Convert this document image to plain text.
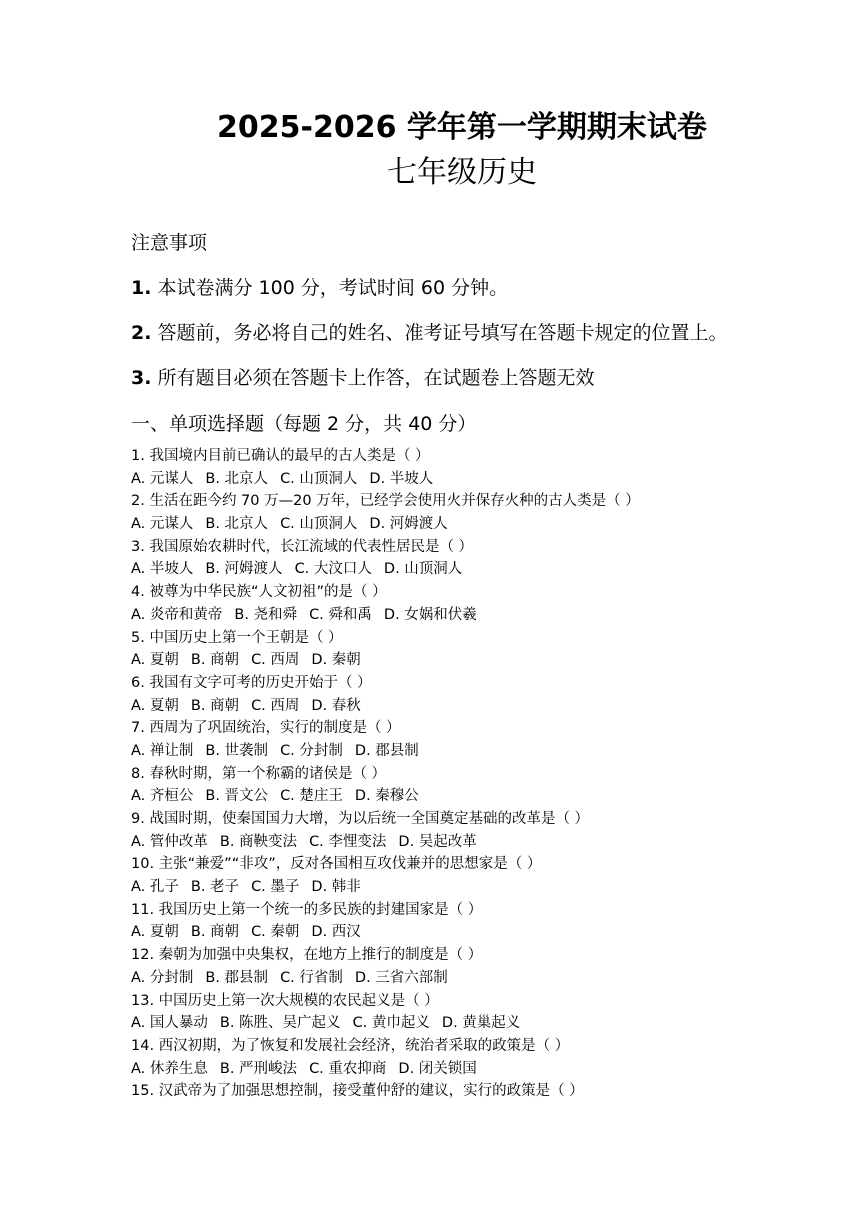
2025-2026 学年第一学期期末试卷
七年级历史
注意事项
1. 本试卷满分 100 分，考试时间 60 分钟。
2. 答题前，务必将自己的姓名、准考证号填写在答题卡规定的位置上。
3. 所有题目必须在答题卡上作答，在试题卷上答题无效
一、单项选择题（每题 2 分，共 40 分）
1. 我国境内目前已确认的最早的古人类是（ ）
A. 元谋人 B. 北京人 C. 山顶洞人 D. 半坡人
2. 生活在距今约 70 万—20 万年，已经学会使用火并保存火种的古人类是（ ）
A. 元谋人 B. 北京人 C. 山顶洞人 D. 河姆渡人
3. 我国原始农耕时代，长江流域的代表性居民是（ ）
A. 半坡人 B. 河姆渡人 C. 大汶口人 D. 山顶洞人
4. 被尊为中华民族“人文初祖”的是（ ）
A. 炎帝和黄帝 B. 尧和舜 C. 舜和禹 D. 女娲和伏羲
5. 中国历史上第一个王朝是（ ）
A. 夏朝 B. 商朝 C. 西周 D. 秦朝
6. 我国有文字可考的历史开始于（ ）
A. 夏朝 B. 商朝 C. 西周 D. 春秋
7. 西周为了巩固统治，实行的制度是（ ）
A. 禅让制 B. 世袭制 C. 分封制 D. 郡县制
8. 春秋时期，第一个称霸的诸侯是（ ）
A. 齐桓公 B. 晋文公 C. 楚庄王 D. 秦穆公
9. 战国时期，使秦国国力大增，为以后统一全国奠定基础的改革是（ ）
A. 管仲改革 B. 商鞅变法 C. 李悝变法 D. 吴起改革
10. 主张“兼爱”“非攻”，反对各国相互攻伐兼并的思想家是（ ）
A. 孔子 B. 老子 C. 墨子 D. 韩非
11. 我国历史上第一个统一的多民族的封建国家是（ ）
A. 夏朝 B. 商朝 C. 秦朝 D. 西汉
12. 秦朝为加强中央集权，在地方上推行的制度是（ ）
A. 分封制 B. 郡县制 C. 行省制 D. 三省六部制
13. 中国历史上第一次大规模的农民起义是（ ）
A. 国人暴动 B. 陈胜、吴广起义 C. 黄巾起义 D. 黄巢起义
14. 西汉初期，为了恢复和发展社会经济，统治者采取的政策是（ ）
A. 休养生息 B. 严刑峻法 C. 重农抑商 D. 闭关锁国
15. 汉武帝为了加强思想控制，接受董仲舒的建议，实行的政策是（ ）
